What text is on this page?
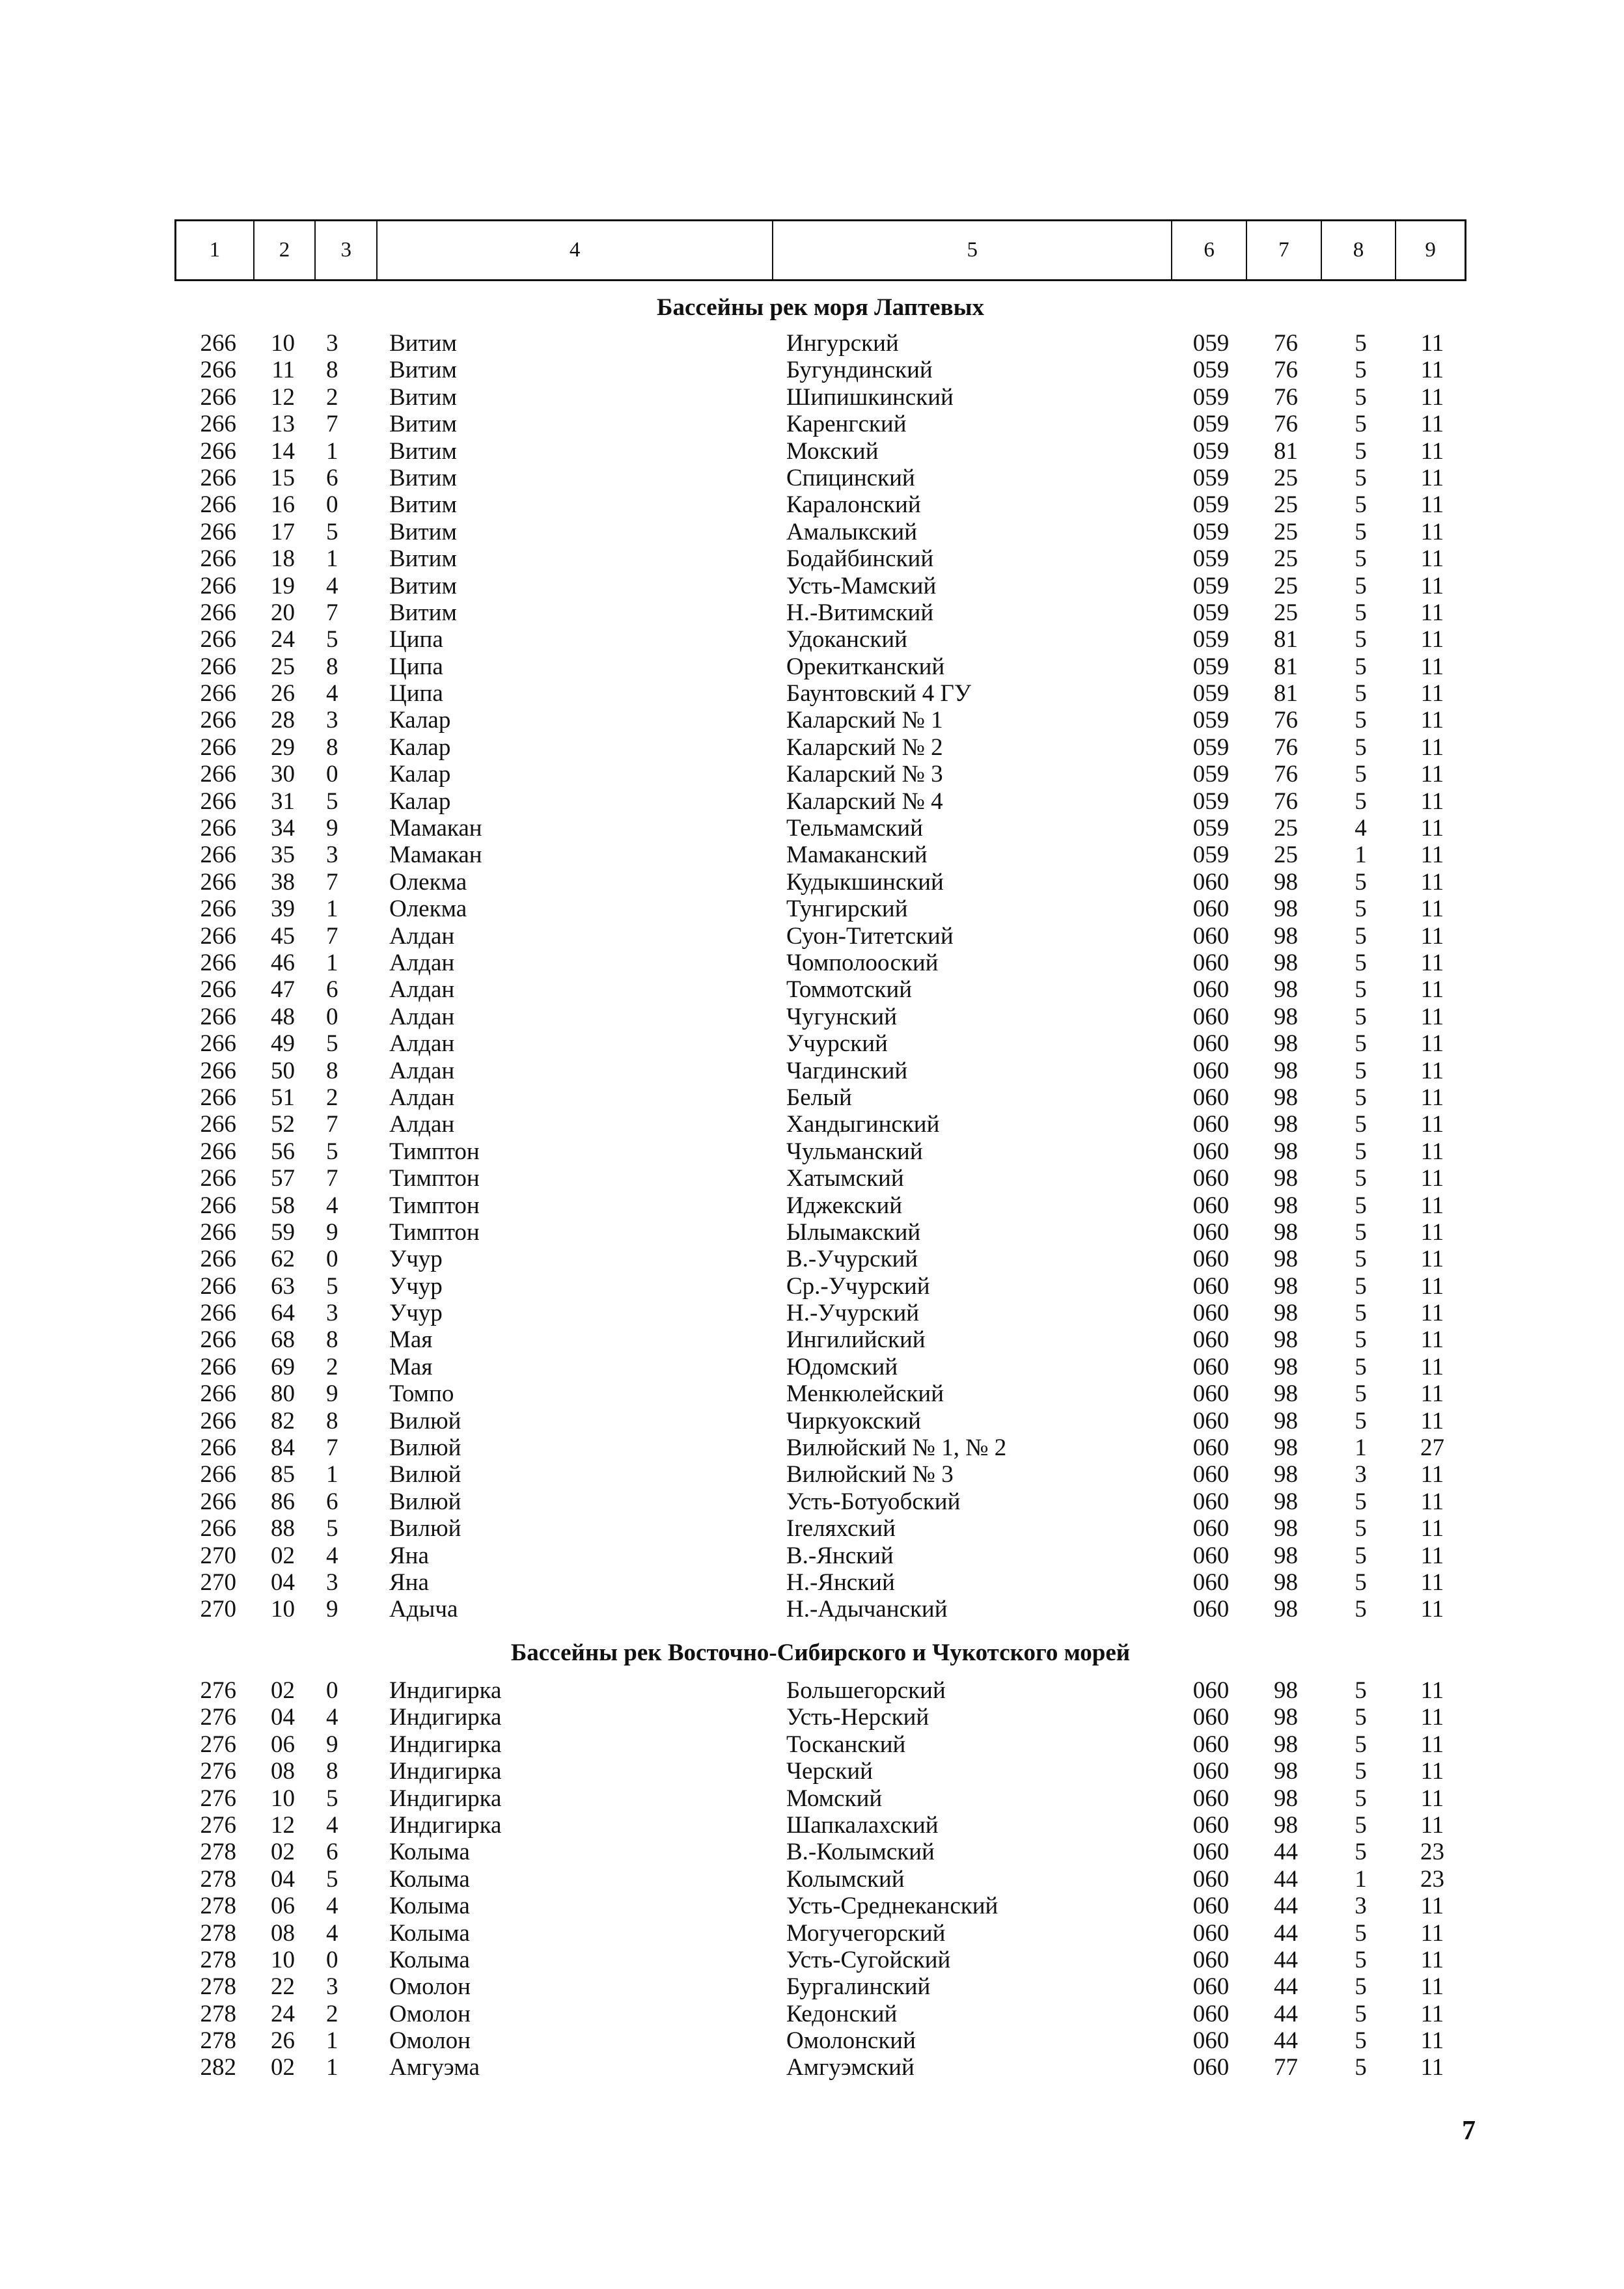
1	2	3	4	5	6	7	8	9
Бассейны рек моря Лаптевых
266	10	3	Витим	Ингурский	059	76	5	11
266	11	8	Витим	Бугундинский	059	76	5	11
266	12	2	Витим	Шипишкинский	059	76	5	11
266	13	7	Витим	Каренгский	059	76	5	11
266	14	1	Витим	Мокский	059	81	5	11
266	15	6	Витим	Спицинский	059	25	5	11
266	16	0	Витим	Каралонский	059	25	5	11
266	17	5	Витим	Амалыкский	059	25	5	11
266	18	1	Витим	Бодайбинский	059	25	5	11
266	19	4	Витим	Усть-Мамский	059	25	5	11
266	20	7	Витим	Н.-Витимский	059	25	5	11
266	24	5	Ципа	Удоканский	059	81	5	11
266	25	8	Ципа	Орекитканский	059	81	5	11
266	26	4	Ципа	Баунтовский 4 ГУ	059	81	5	11
266	28	3	Калар	Каларский № 1	059	76	5	11
266	29	8	Калар	Каларский № 2	059	76	5	11
266	30	0	Калар	Каларский № 3	059	76	5	11
266	31	5	Калар	Каларский № 4	059	76	5	11
266	34	9	Мамакан	Тельмамский	059	25	4	11
266	35	3	Мамакан	Мамаканский	059	25	1	11
266	38	7	Олекма	Кудыкшинский	060	98	5	11
266	39	1	Олекма	Тунгирский	060	98	5	11
266	45	7	Алдан	Суон-Титетский	060	98	5	11
266	46	1	Алдан	Чомполооский	060	98	5	11
266	47	6	Алдан	Томмотский	060	98	5	11
266	48	0	Алдан	Чугунский	060	98	5	11
266	49	5	Алдан	Учурский	060	98	5	11
266	50	8	Алдан	Чагдинский	060	98	5	11
266	51	2	Алдан	Белый	060	98	5	11
266	52	7	Алдан	Хандыгинский	060	98	5	11
266	56	5	Тимптон	Чульманский	060	98	5	11
266	57	7	Тимптон	Хатымский	060	98	5	11
266	58	4	Тимптон	Иджекский	060	98	5	11
266	59	9	Тимптон	Ылымакский	060	98	5	11
266	62	0	Учур	В.-Учурский	060	98	5	11
266	63	5	Учур	Ср.-Учурский	060	98	5	11
266	64	3	Учур	Н.-Учурский	060	98	5	11
266	68	8	Мая	Ингилийский	060	98	5	11
266	69	2	Мая	Юдомский	060	98	5	11
266	80	9	Томпо	Менкюлейский	060	98	5	11
266	82	8	Вилюй	Чиркуокский	060	98	5	11
266	84	7	Вилюй	Вилюйский № 1, № 2	060	98	1	27
266	85	1	Вилюй	Вилюйский № 3	060	98	3	11
266	86	6	Вилюй	Усть-Ботуобский	060	98	5	11
266	88	5	Вилюй	Ireляхский	060	98	5	11
270	02	4	Яна	В.-Янский	060	98	5	11
270	04	3	Яна	Н.-Янский	060	98	5	11
270	10	9	Адыча	Н.-Адычанский	060	98	5	11
Бассейны рек Восточно-Сибирского и Чукотского морей
276	02	0	Индигирка	Большегорский	060	98	5	11
276	04	4	Индигирка	Усть-Нерский	060	98	5	11
276	06	9	Индигирка	Тосканский	060	98	5	11
276	08	8	Индигирка	Черский	060	98	5	11
276	10	5	Индигирка	Момский	060	98	5	11
276	12	4	Индигирка	Шапкалахский	060	98	5	11
278	02	6	Колыма	В.-Колымский	060	44	5	23
278	04	5	Колыма	Колымский	060	44	1	23
278	06	4	Колыма	Усть-Среднеканский	060	44	3	11
278	08	4	Колыма	Могучегорский	060	44	5	11
278	10	0	Колыма	Усть-Сугойский	060	44	5	11
278	22	3	Омолон	Бургалинский	060	44	5	11
278	24	2	Омолон	Кедонский	060	44	5	11
278	26	1	Омолон	Омолонский	060	44	5	11
282	02	1	Амгуэма	Амгуэмский	060	77	5	11
7
